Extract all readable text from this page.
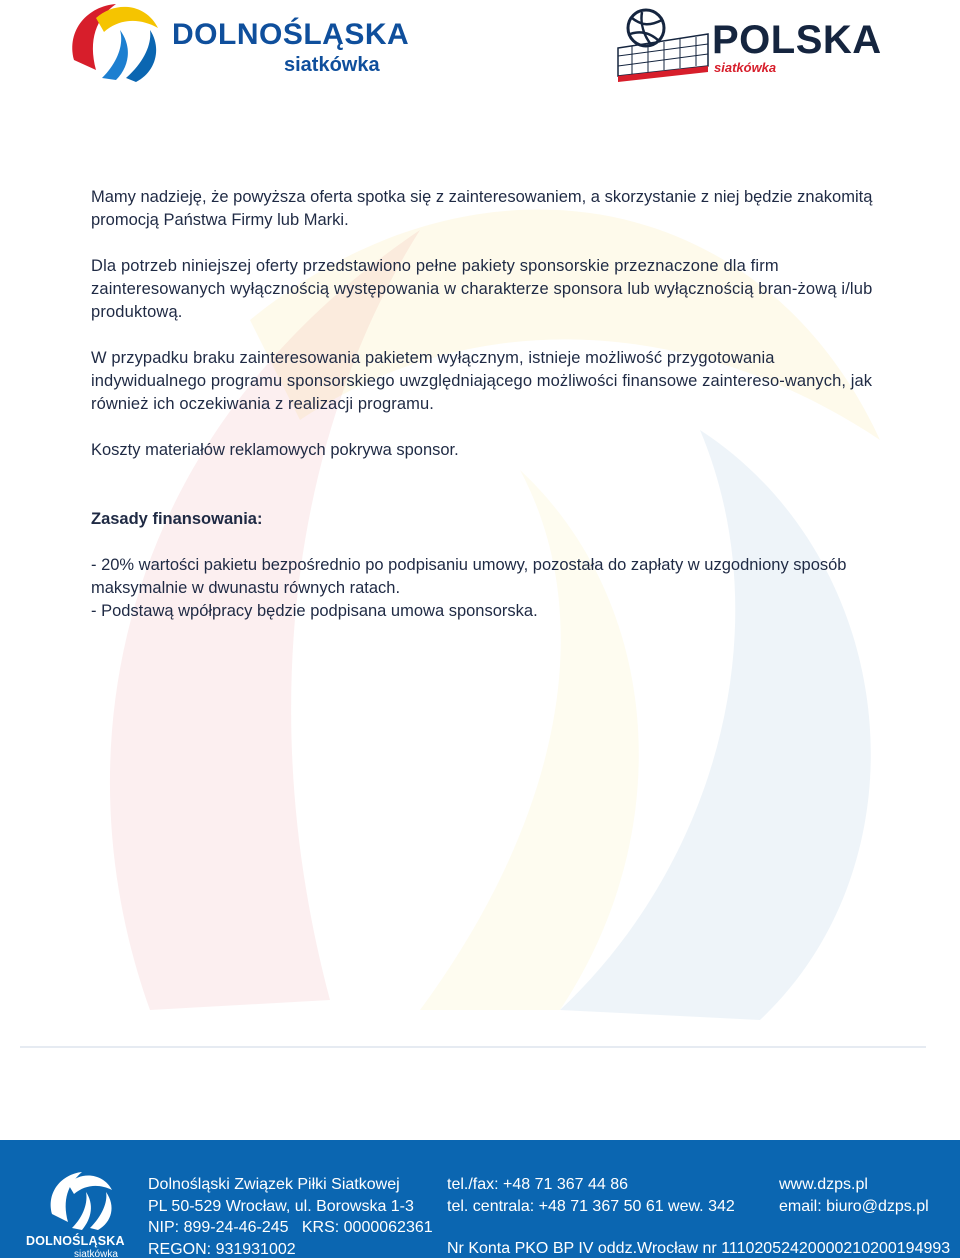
DOLNOŚLĄSKA
siatkówka
POLSKA
siatkówka

Mamy nadzieję, że powyższa oferta spotka się z zainteresowaniem, a skorzystanie z niej będzie znakomitą promocją Państwa Firmy lub Marki.

Dla potrzeb niniejszej oferty przedstawiono pełne pakiety sponsorskie przeznaczone dla firm zainteresowanych wyłącznością występowania w charakterze sponsora lub wyłącznością bran-żową i/lub produktową.

W przypadku braku zainteresowania pakietem wyłącznym, istnieje możliwość przygotowania indywidualnego programu sponsorskiego uwzględniającego możliwości finansowe zaintereso-wanych, jak również ich oczekiwania z realizacji programu.

Koszty materiałów reklamowych pokrywa sponsor.

Zasady finansowania:

- 20% wartości pakietu bezpośrednio po podpisaniu umowy, pozostała do zapłaty w uzgodniony sposób maksymalnie w dwunastu równych ratach.

- Podstawą wpółpracy będzie podpisana umowa sponsorska.

DOLNOŚLĄSKA
siatkówka
Dolnośląski Związek Piłki Siatkowej
PL 50-529 Wrocław, ul. Borowska 1-3
NIP: 899-24-46-245   KRS: 0000062361
REGON: 931931002
tel./fax: +48 71 367 44 86
tel. centrala: +48 71 367 50 61 wew. 342
www.dzps.pl
email: biuro@dzps.pl
Nr Konta PKO BP IV oddz.Wrocław nr 11102052420000210200194993
